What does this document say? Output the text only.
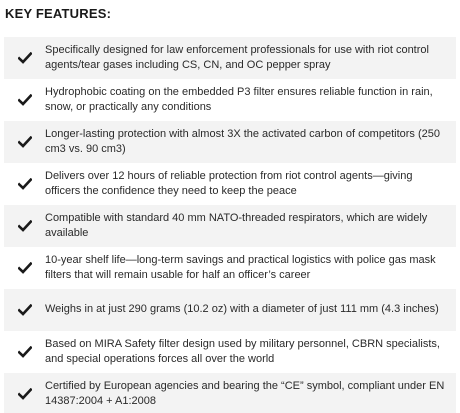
KEY FEATURES:
Specifically designed for law enforcement professionals for use with riot control agents/tear gases including CS, CN, and OC pepper spray
Hydrophobic coating on the embedded P3 filter ensures reliable function in rain, snow, or practically any conditions
Longer-lasting protection with almost 3X the activated carbon of competitors (250 cm3 vs. 90 cm3)
Delivers over 12 hours of reliable protection from riot control agents—giving officers the confidence they need to keep the peace
Compatible with standard 40 mm NATO-threaded respirators, which are widely available
10-year shelf life—long-term savings and practical logistics with police gas mask filters that will remain usable for half an officer’s career
Weighs in at just 290 grams (10.2 oz) with a diameter of just 111 mm (4.3 inches)
Based on MIRA Safety filter design used by military personnel, CBRN specialists, and special operations forces all over the world
Certified by European agencies and bearing the “CE” symbol, compliant under EN 14387:2004 + A1:2008
